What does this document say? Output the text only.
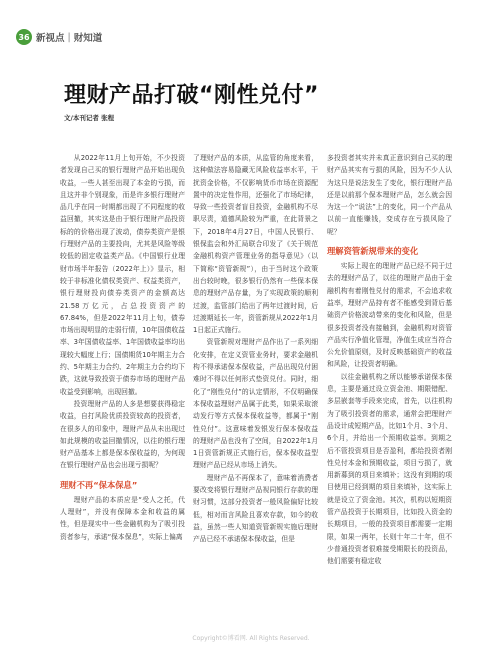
36 新视点 | 财知道
理财产品打破“刚性兑付”
文/本刊记者 张程

从2022年11月上旬开始，不少投资者发现自己买的银行理财产品开始出现负收益，一些人甚至出现了本金的亏损，而且这并非个别现象，而是许多银行理财产品几乎在同一时期都出现了不同程度的收益回撤，其实这是由于银行理财产品投资标的的价格出现了波动，债券类资产是银行理财产品的主要投向，尤其是风险等级较低的固定收益类产品。《中国银行业理财市场半年报告（2022年上）》显示，相较于非标准化债权类资产、权益类资产，银行理财投向债券类资产的金额高达21.58万亿元，占总投资资产的67.84%，但是2022年11月上旬，债券市场出现明显的走弱行情，10年国债收益率、3年国债收益率、1年国债收益率均出现较大幅度上行；国债期货10年期主力合约、5年期主力合约、2年期主力合约均下跌，这就导致投资于债券市场的理财产品收益受到影响，出现回撤。

投资理财产品的人多是想要获得稳定收益，自打风险优质投资较高的投资者，在很多人的印象中，理财产品从未出现过如此规模的收益回撤情况，以往的银行理财产品基本上都是保本保收益的，为何现在银行理财产品也会出现亏损呢？

理财不再“保本保息”

理财产品的本质应是“受人之托，代人理财”，并没有保障本金和收益的属性，但是现实中一些金融机构为了吸引投资者参与，承诺“保本保息”，实际上偏离

了理财产品的本质，从监管的角度来看，这种做法容易隐藏无风险收益率水平，干扰资金价格，不仅影响货币市场在资源配置中的决定性作用，还强化了市场纪律，导致一些投资者盲目投资，金融机构不尽职尽责，道德风险较为严重，在此背景之下，2018年4月27日，中国人民银行、银保监会和外汇局联合印发了《关于规范金融机构资产管理业务的指导意见》（以下简称“资管新规”），由于当时这个政策出台较时晚，很多银行仍然有一些保本保息的理财产品存量，为了实现政策的顺利过渡，监管部门给出了两年过渡时间，后过渡期延长一年，资管新规从2022年1月1日起正式施行。

资管新规对理财产品作出了一系列细化安排，在定义资管业务时，要求金融机构不得承诺保本保收益，产品出现兑付困难时不得以任何形式垫资兑付。同时，细化了“刚性兑付”的认定情形，不仅明确保本保收益理财产品属于此类，如果采取滚动发行等方式保本保收益等，都属于“刚性兑付”。这意味着发银发行保本保收益的理财产品也没有了空间，自2022年1月1日资管新规正式施行后，保本保收益型理财产品已经从市场上消失。

理财产品不再保本了，意味着消费者要改变将银行理财产品视同银行存款的理财习惯，这部分投资者一般风险偏好比较低，相对而言风险且喜欢存款，如今的收益，虽然一些人知道资管新规实施后理财产品已经不承诺保本保收益，但是

多投资者其实并未真正意识到自己买的理财产品其实有亏损的风险，因为不少人认为这只是说法发生了变化，银行理财产品还是以前那个保本理财产品，怎么就会因为这一个“说法”上的变化，同一个产品从以前一直能赚钱，变成存在亏损风险了呢？

理解资管新规带来的变化

实际上现在的理财产品已经不同于过去的理财产品了，以往的理财产品由于金融机构有着刚性兑付的需求，不会追求收益率，理财产品持有者不能感受到背后基础资产价格波动带来的变化和风险，但是很多投资者没有接触到，金融机构对资管产品实行净值化管理，净值生成应当符合公允价值原则，及时反映基础资产的收益和风险，让投资者明确。

以往金融机构之所以能够承诺保本保息，主要是通过设立资金池、期限错配、多层嵌套等手段来完成，首先，以往机构为了吸引投资者的需求，通常会把理财产品设计成短期产品，比如1个月、3个月、6个月，并给出一个预期收益率。到期之后不管投资项目是否盈利，都给投资者刚性兑付本金和预期收益，项目亏损了，就用新募到的项目来填补；这没有到期的项目使用已经到期的项目来填补，这实际上就是设立了资金池。其次，机构以短期资管产品投资于长期项目，比如投入资金的长期项目，一般的投资项目都需要一定期限，如果一两年，长则十年二十年，但不少普通投资者很难接受期限长的投资品，他们需要有稳定收

Copyright©博看网. All Rights Reserved.
